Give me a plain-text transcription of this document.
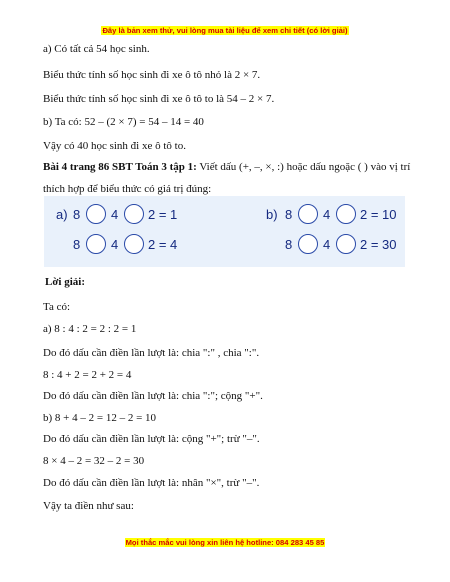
Đây là bản xem thử, vui lòng mua tài liệu để xem chi tiết (có lời giải)
a) Có tất cả 54 học sinh.
Biểu thức tính số học sinh đi xe ô tô nhỏ là 2 × 7.
Biểu thức tính số học sinh đi xe ô tô to là 54 – 2 × 7.
b) Ta có: 52 – (2 × 7) = 54 – 14 = 40
Vậy có 40 học sinh đi xe ô tô to.
Bài 4 trang 86 SBT Toán 3 tập 1: Viết dấu (+, –, ×, :) hoặc dấu ngoặc ( ) vào vị trí thích hợp để biểu thức có giá trị đúng:
a) 8 4 2 = 1
8 4 2 = 4
b) 8 4 2 = 10
8 4 2 = 30
Lời giải:
Ta có:
a) 8 : 4 : 2 = 2 : 2 = 1
Do đó dấu cần điền lần lượt là: chia ":" , chia ":".
8 : 4 + 2 = 2 + 2 = 4
Do đó dấu cần điền lần lượt là: chia ":"; cộng "+".
b) 8 + 4 – 2 = 12 – 2 = 10
Do đó dấu cần điền lần lượt là: cộng "+"; trừ "–".
8 × 4 – 2 = 32 – 2 = 30
Do đó dấu cần điền lần lượt là: nhân "×", trừ "–".
Vậy ta điền như sau:
Mọi thắc mắc vui lòng xin liên hệ hotline: 084 283 45 85
